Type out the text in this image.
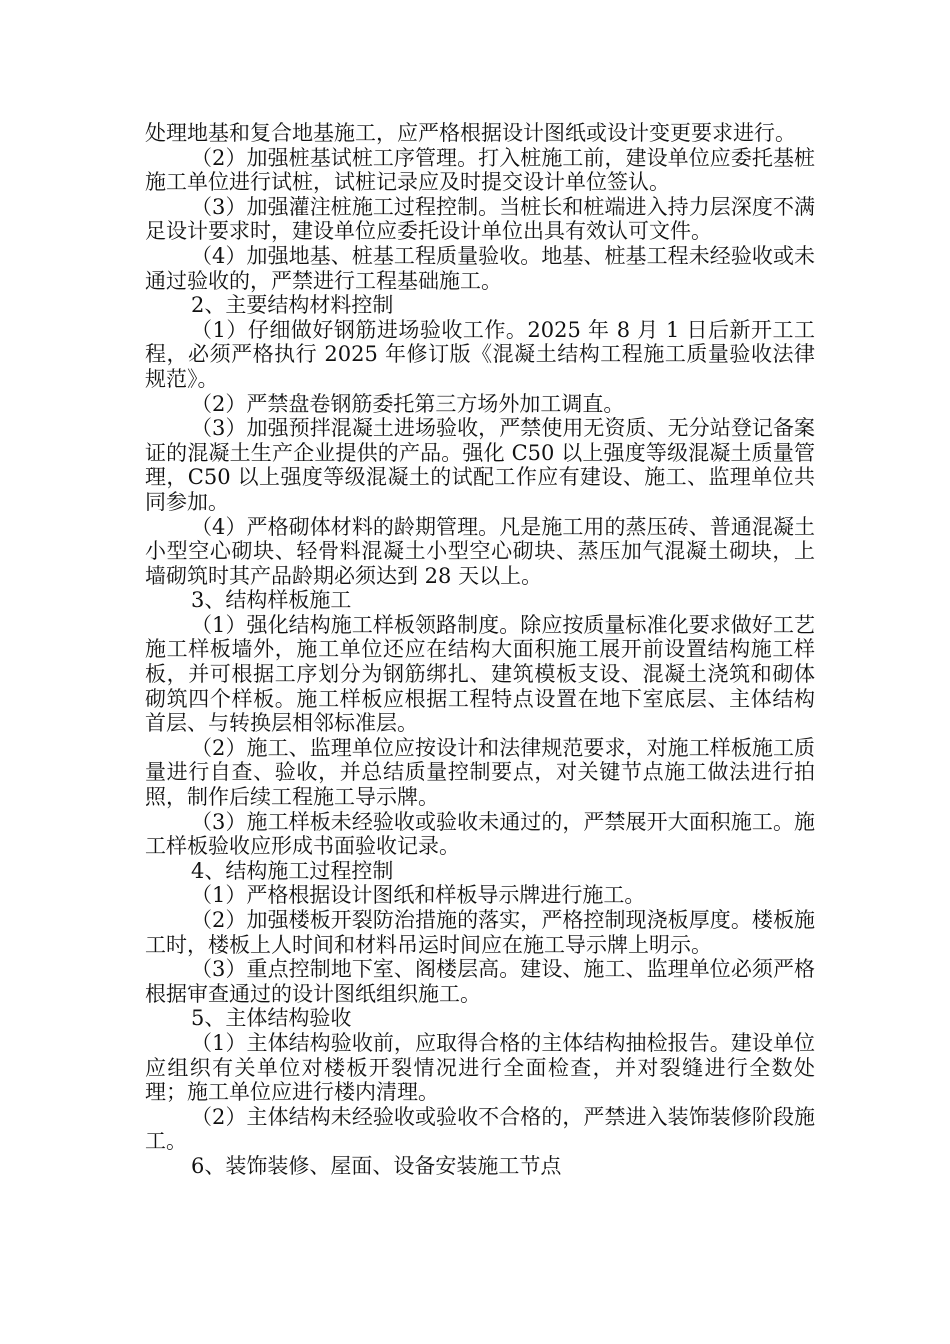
处理地基和复合地基施工，应严格根据设计图纸或设计变更要求进行。

（2）加强桩基试桩工序管理。打入桩施工前，建设单位应委托基桩施工单位进行试桩，试桩记录应及时提交设计单位签认。

（3）加强灌注桩施工过程控制。当桩长和桩端进入持力层深度不满足设计要求时，建设单位应委托设计单位出具有效认可文件。

（4）加强地基、桩基工程质量验收。地基、桩基工程未经验收或未通过验收的，严禁进行工程基础施工。

2、主要结构材料控制

（1）仔细做好钢筋进场验收工作。2025 年 8 月 1 日后新开工工程，必须严格执行 2025 年修订版《混凝土结构工程施工质量验收法律规范》。

（2）严禁盘卷钢筋委托第三方场外加工调直。

（3）加强预拌混凝土进场验收，严禁使用无资质、无分站登记备案证的混凝土生产企业提供的产品。强化 C50 以上强度等级混凝土质量管理，C50 以上强度等级混凝土的试配工作应有建设、施工、监理单位共同参加。

（4）严格砌体材料的龄期管理。凡是施工用的蒸压砖、普通混凝土小型空心砌块、轻骨料混凝土小型空心砌块、蒸压加气混凝土砌块，上墙砌筑时其产品龄期必须达到 28 天以上。

3、结构样板施工

（1）强化结构施工样板领路制度。除应按质量标准化要求做好工艺施工样板墙外，施工单位还应在结构大面积施工展开前设置结构施工样板，并可根据工序划分为钢筋绑扎、建筑模板支设、混凝土浇筑和砌体砌筑四个样板。施工样板应根据工程特点设置在地下室底层、主体结构首层、与转换层相邻标准层。

（2）施工、监理单位应按设计和法律规范要求，对施工样板施工质量进行自查、验收，并总结质量控制要点，对关键节点施工做法进行拍照，制作后续工程施工导示牌。

（3）施工样板未经验收或验收未通过的，严禁展开大面积施工。施工样板验收应形成书面验收记录。

4、结构施工过程控制

（1）严格根据设计图纸和样板导示牌进行施工。

（2）加强楼板开裂防治措施的落实，严格控制现浇板厚度。楼板施工时，楼板上人时间和材料吊运时间应在施工导示牌上明示。

（3）重点控制地下室、阁楼层高。建设、施工、监理单位必须严格根据审查通过的设计图纸组织施工。

5、主体结构验收

（1）主体结构验收前，应取得合格的主体结构抽检报告。建设单位应组织有关单位对楼板开裂情况进行全面检查，并对裂缝进行全数处理；施工单位应进行楼内清理。

（2）主体结构未经验收或验收不合格的，严禁进入装饰装修阶段施工。

6、装饰装修、屋面、设备安装施工节点
